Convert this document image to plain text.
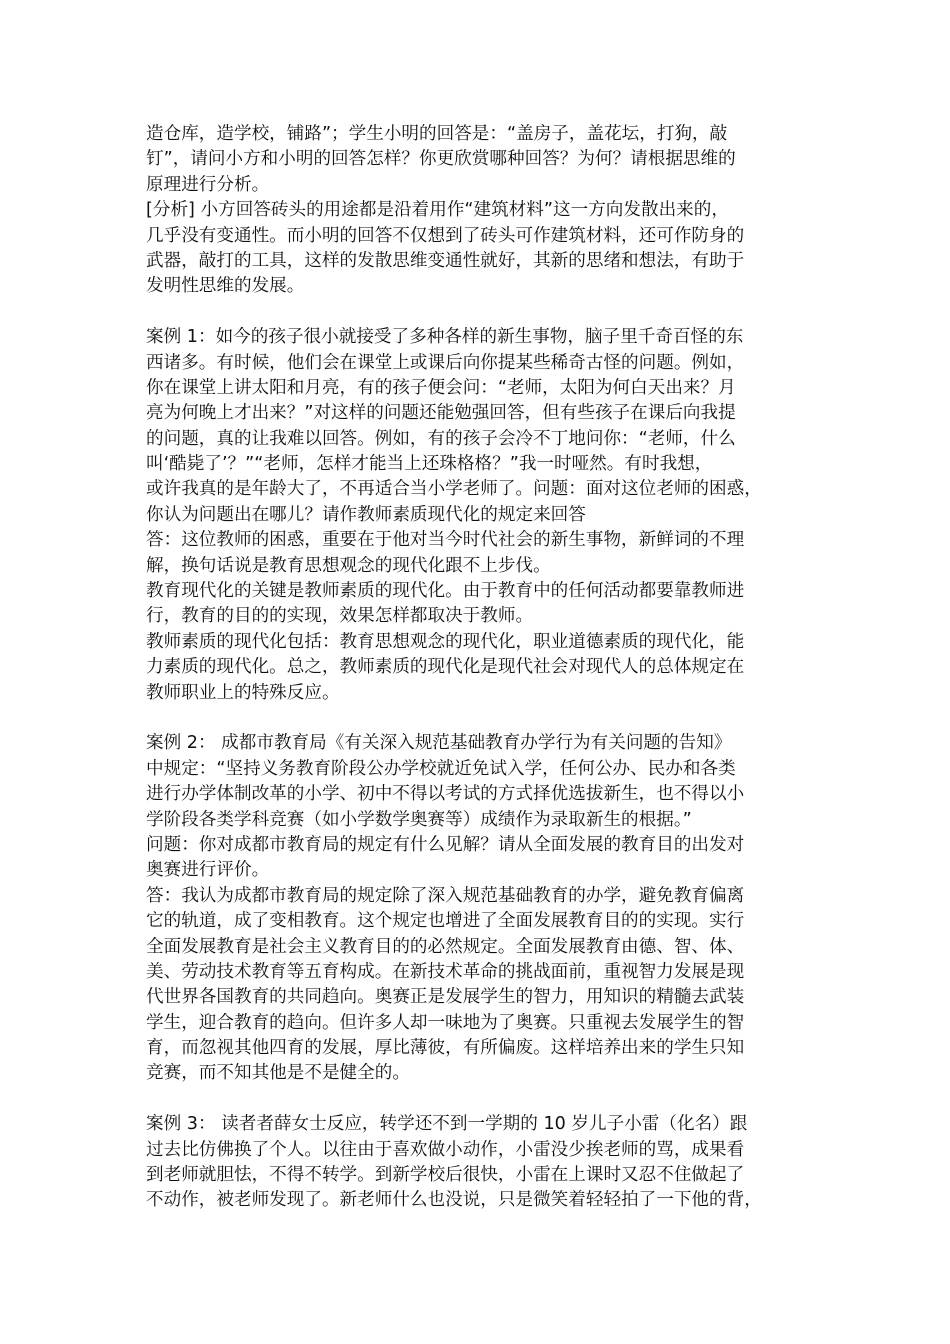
造仓库，造学校，铺路”；学生小明的回答是：“盖房子，盖花坛，打狗，敲
钉”，请问小方和小明的回答怎样？你更欣赏哪种回答？为何？请根据思维的
原理进行分析。
[分析] 小方回答砖头的用途都是沿着用作“建筑材料”这一方向发散出来的，
几乎没有变通性。而小明的回答不仅想到了砖头可作建筑材料，还可作防身的
武器，敲打的工具，这样的发散思维变通性就好，其新的思绪和想法，有助于
发明性思维的发展。
案例 1：如今的孩子很小就接受了多种各样的新生事物，脑子里千奇百怪的东
西诸多。有时候，他们会在课堂上或课后向你提某些稀奇古怪的问题。例如，
你在课堂上讲太阳和月亮，有的孩子便会问：“老师，太阳为何白天出来？月
亮为何晚上才出来？”对这样的问题还能勉强回答，但有些孩子在课后向我提
的问题，真的让我难以回答。例如，有的孩子会冷不丁地问你：“老师，什么
叫‘酷毙了’？”“老师，怎样才能当上还珠格格？”我一时哑然。有时我想，
或许我真的是年龄大了，不再适合当小学老师了。问题：面对这位老师的困惑，
你认为问题出在哪儿？请作教师素质现代化的规定来回答
答：这位教师的困惑，重要在于他对当今时代社会的新生事物，新鲜词的不理
解，换句话说是教育思想观念的现代化跟不上步伐。
教育现代化的关键是教师素质的现代化。由于教育中的任何活动都要靠教师进
行，教育的目的的实现，效果怎样都取决于教师。
教师素质的现代化包括：教育思想观念的现代化，职业道德素质的现代化，能
力素质的现代化。总之，教师素质的现代化是现代社会对现代人的总体规定在
教师职业上的特殊反应。
案例 2： 成都市教育局《有关深入规范基础教育办学行为有关问题的告知》
中规定：“坚持义务教育阶段公办学校就近免试入学，任何公办、民办和各类
进行办学体制改革的小学、初中不得以考试的方式择优选拔新生，也不得以小
学阶段各类学科竞赛（如小学数学奥赛等）成绩作为录取新生的根据。”
问题：你对成都市教育局的规定有什么见解？请从全面发展的教育目的出发对
奥赛进行评价。
答：我认为成都市教育局的规定除了深入规范基础教育的办学，避免教育偏离
它的轨道，成了变相教育。这个规定也增进了全面发展教育目的的实现。实行
全面发展教育是社会主义教育目的的必然规定。全面发展教育由德、智、体、
美、劳动技术教育等五育构成。在新技术革命的挑战面前，重视智力发展是现
代世界各国教育的共同趋向。奥赛正是发展学生的智力，用知识的精髓去武装
学生，迎合教育的趋向。但许多人却一味地为了奥赛。只重视去发展学生的智
育，而忽视其他四育的发展，厚比薄彼，有所偏废。这样培养出来的学生只知
竞赛，而不知其他是不是健全的。
案例 3： 读者者薛女士反应，转学还不到一学期的 10 岁儿子小雷（化名）跟
过去比仿佛换了个人。以往由于喜欢做小动作，小雷没少挨老师的骂，成果看
到老师就胆怯，不得不转学。到新学校后很快，小雷在上课时又忍不住做起了
不动作，被老师发现了。新老师什么也没说，只是微笑着轻轻拍了一下他的背，
